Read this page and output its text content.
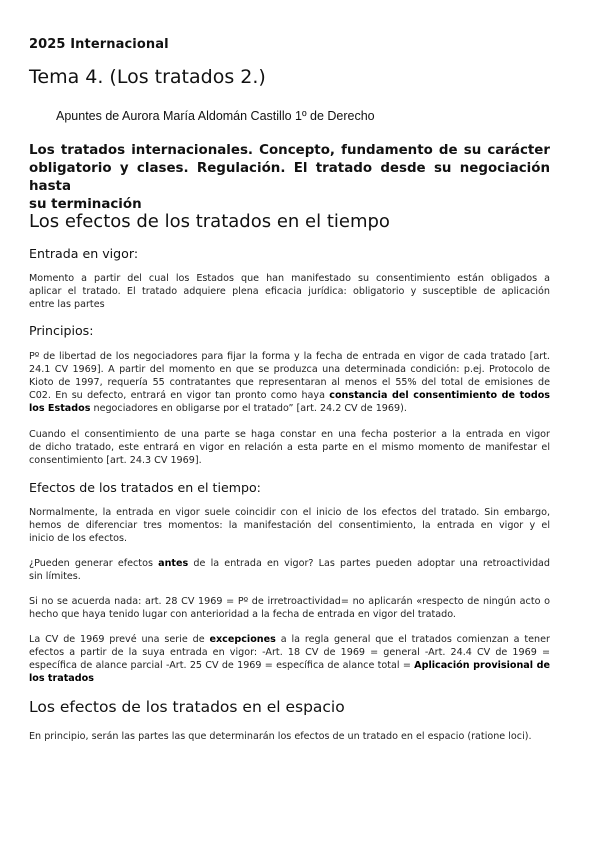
2025 Internacional
Tema 4. (Los tratados 2.)
Apuntes de Aurora María Aldomán Castillo 1º de Derecho
Los tratados internacionales. Concepto, fundamento de su carácter
obligatorio y clases. Regulación. El tratado desde su negociación hasta
su terminación
Los efectos de los tratados en el tiempo
Entrada en vigor:
Momento a partir del cual los Estados que han manifestado su consentimiento están obligados a
aplicar el tratado. El tratado adquiere plena eficacia jurídica: obligatorio y susceptible de aplicación
entre las partes
Principios:
Pº de libertad de los negociadores para fijar la forma y la fecha de entrada en vigor de cada tratado [art.
24.1 CV 1969]. A partir del momento en que se produzca una determinada condición: p.ej. Protocolo de
Kioto de 1997, requería 55 contratantes que representaran al menos el 55% del total de emisiones de
C02. En su defecto, entrará en vigor tan pronto como haya constancia del consentimiento de todos
los Estados negociadores en obligarse por el tratado” [art. 24.2 CV de 1969).
Cuando el consentimiento de una parte se haga constar en una fecha posterior a la entrada en vigor
de dicho tratado, este entrará en vigor en relación a esta parte en el mismo momento de manifestar el
consentimiento [art. 24.3 CV 1969].
Efectos de los tratados en el tiempo:
Normalmente, la entrada en vigor suele coincidir con el inicio de los efectos del tratado. Sin embargo,
hemos de diferenciar tres momentos: la manifestación del consentimiento, la entrada en vigor y el
inicio de los efectos.
¿Pueden generar efectos antes de la entrada en vigor? Las partes pueden adoptar una retroactividad
sin límites.
Si no se acuerda nada: art. 28 CV 1969 = Pº de irretroactividad= no aplicarán «respecto de ningún acto o
hecho que haya tenido lugar con anterioridad a la fecha de entrada en vigor del tratado.
La CV de 1969 prevé una serie de excepciones a la regla general que el tratados comienzan a tener
efectos a partir de la suya entrada en vigor: -Art. 18 CV de 1969 = general -Art. 24.4 CV de 1969 =
específica de alance parcial -Art. 25 CV de 1969 = específica de alance total = Aplicación provisional de
los tratados
Los efectos de los tratados en el espacio
En principio, serán las partes las que determinarán los efectos de un tratado en el espacio (ratione loci).
